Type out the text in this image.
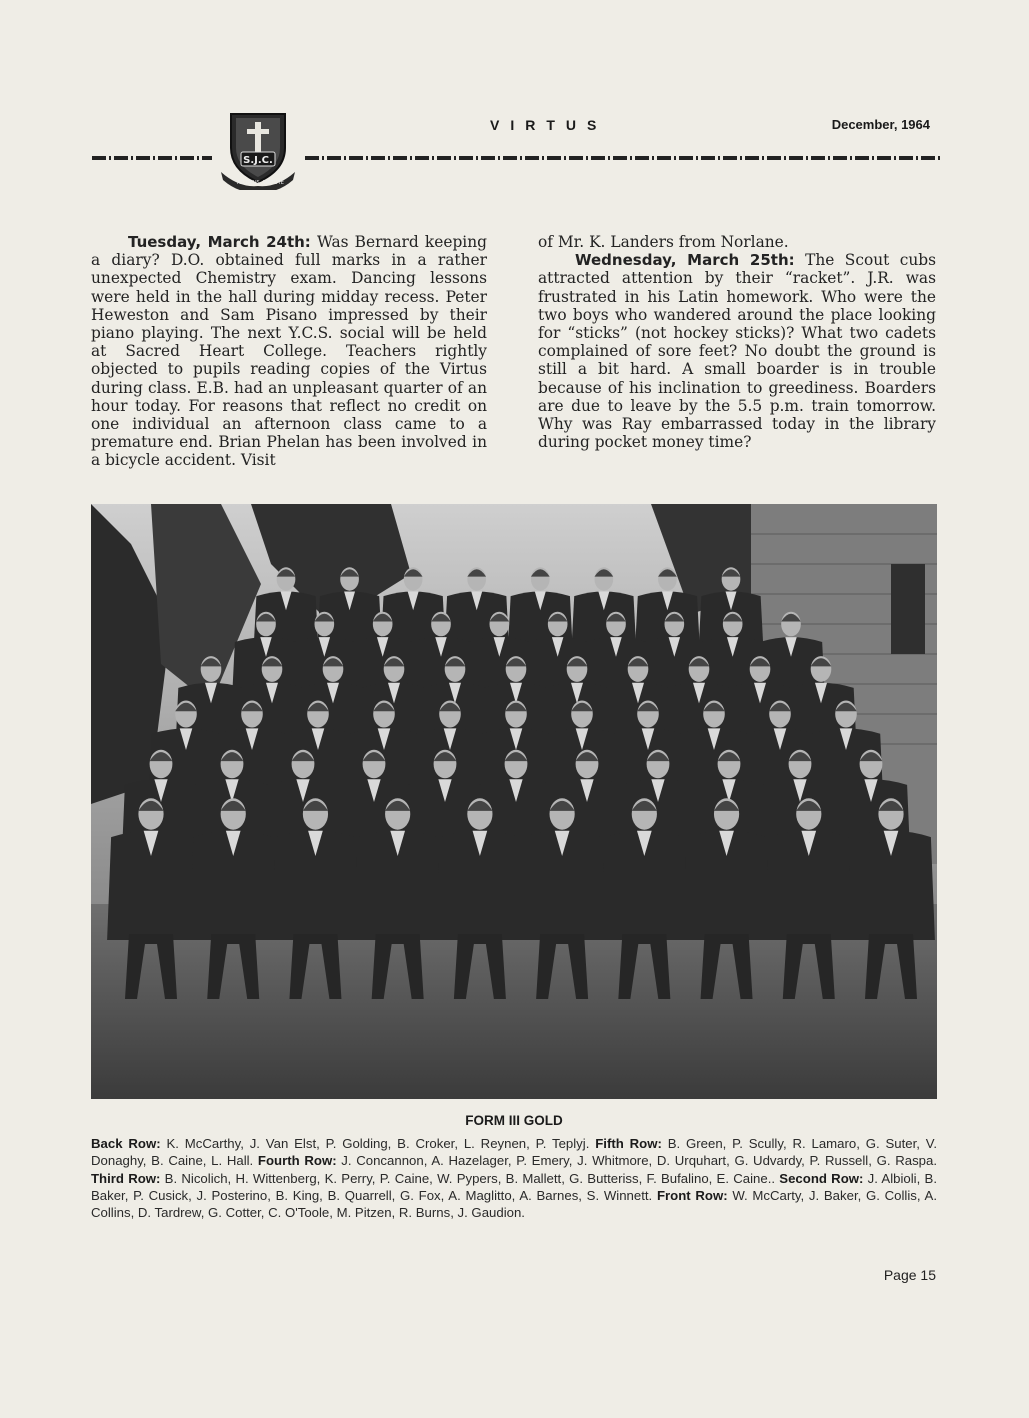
S.J.C.
AD DEUS VIRTUTE
VIRTUS	December, 1964

Tuesday, March 24th: Was Bernard keeping a diary? D.O. obtained full marks in a rather unexpected Chemistry exam. Dancing lessons were held in the hall during midday recess. Peter Heweston and Sam Pisano impressed by their piano playing. The next Y.C.S. social will be held at Sacred Heart College. Teachers rightly objected to pupils reading copies of the Virtus during class. E.B. had an unpleasant quarter of an hour today. For reasons that reflect no credit on one individual an afternoon class came to a premature end. Brian Phelan has been involved in a bicycle accident. Visit

of Mr. K. Landers from Norlane.

Wednesday, March 25th: The Scout cubs attracted attention by their “racket”. J.R. was frustrated in his Latin homework. Who were the two boys who wandered around the place looking for “sticks” (not hockey sticks)? What two cadets complained of sore feet? No doubt the ground is still a bit hard. A small boarder is in trouble because of his inclination to greediness. Boarders are due to leave by the 5.5 p.m. train tomorrow. Why was Ray embarrassed today in the library during pocket money time?

FORM III GOLD
Back Row: K. McCarthy, J. Van Elst, P. Golding, B. Croker, L. Reynen, P. Teplyj. Fifth Row: B. Green, P. Scully, R. Lamaro, G. Suter, V. Donaghy, B. Caine, L. Hall. Fourth Row: J. Concannon, A. Hazelager, P. Emery, J. Whitmore, D. Urquhart, G. Udvardy, P. Russell, G. Raspa. Third Row: B. Nicolich, H. Wittenberg, K. Perry, P. Caine, W. Pypers, B. Mallett, G. Butteriss, F. Bufalino, E. Caine.. Second Row: J. Albioli, B. Baker, P. Cusick, J. Posterino, B. King, B. Quarrell, G. Fox, A. Maglitto, A. Barnes, S. Winnett. Front Row: W. McCarty, J. Baker, G. Collis, A. Collins, D. Tardrew, G. Cotter, C. O'Toole, M. Pitzen, R. Burns, J. Gaudion.
Page 15
